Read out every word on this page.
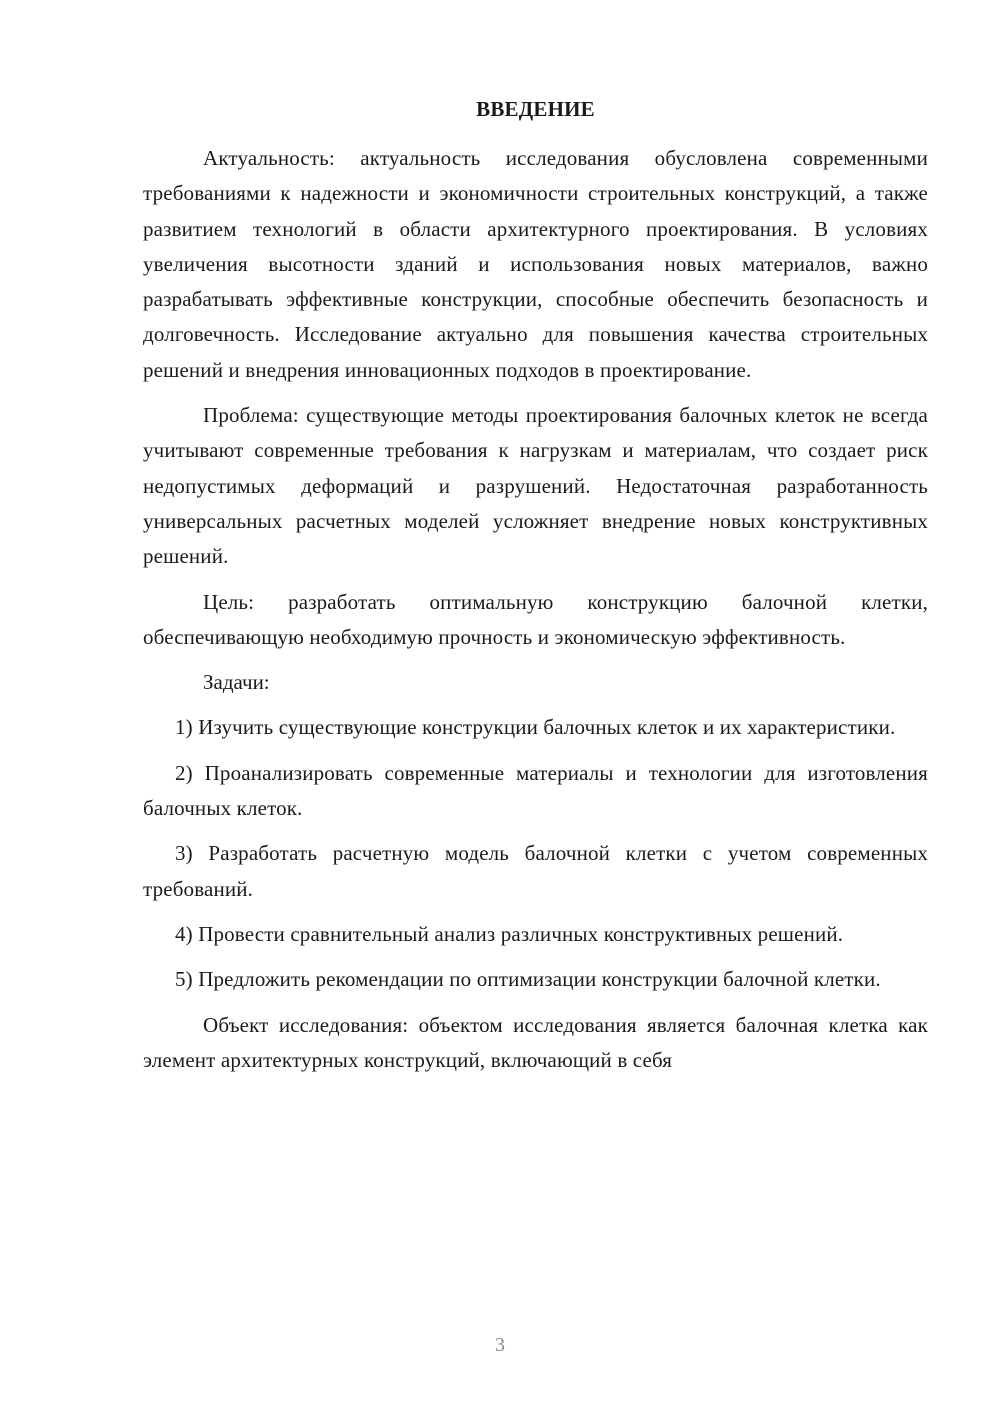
ВВЕДЕНИЕ

Актуальность: актуальность исследования обусловлена современными требованиями к надежности и экономичности строительных конструкций, а также развитием технологий в области архитектурного проектирования. В условиях увеличения высотности зданий и использования новых материалов, важно разрабатывать эффективные конструкции, способные обеспечить безопасность и долговечность. Исследование актуально для повышения качества строительных решений и внедрения инновационных подходов в проектирование.

Проблема: существующие методы проектирования балочных клеток не всегда учитывают современные требования к нагрузкам и материалам, что создает риск недопустимых деформаций и разрушений. Недостаточная разработанность универсальных расчетных моделей усложняет внедрение новых конструктивных решений.

Цель: разработать оптимальную конструкцию балочной клетки, обеспечивающую необходимую прочность и экономическую эффективность.

Задачи:

1) Изучить существующие конструкции балочных клеток и их характеристики.

2) Проанализировать современные материалы и технологии для изготовления балочных клеток.

3) Разработать расчетную модель балочной клетки с учетом современных требований.

4) Провести сравнительный анализ различных конструктивных решений.

5) Предложить рекомендации по оптимизации конструкции балочной клетки.

Объект исследования: объектом исследования является балочная клетка как элемент архитектурных конструкций, включающий в себя

3
